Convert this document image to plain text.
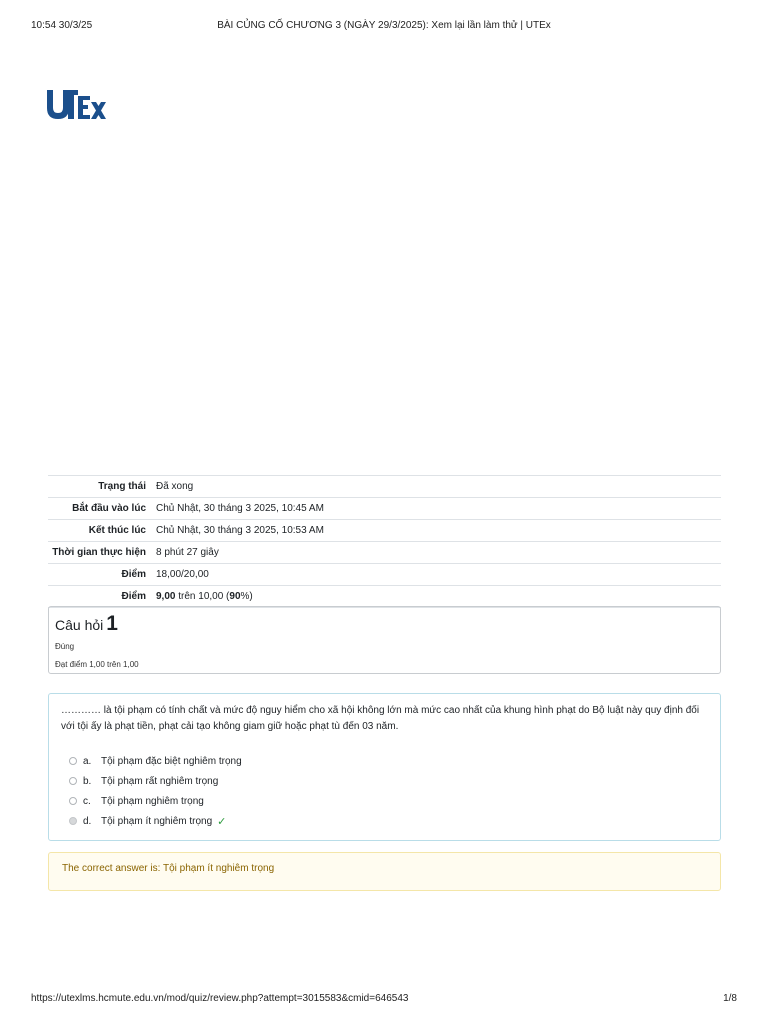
10:54 30/3/25	BÀI CỦNG CỐ CHƯƠNG 3 (NGÀY 29/3/2025): Xem lại lần làm thử | UTEx
Trạng thái	Đã xong
Bắt đầu vào lúc	Chủ Nhật, 30 tháng 3 2025, 10:45 AM
Kết thúc lúc	Chủ Nhật, 30 tháng 3 2025, 10:53 AM
Thời gian thực hiện	8 phút 27 giây
Điểm	18,00/20,00
Điểm	9,00 trên 10,00 (90%)
Câu hỏi 1
Đúng
Đạt điểm 1,00 trên 1,00
………… là tội phạm có tính chất và mức độ nguy hiểm cho xã hội không lớn mà mức cao nhất của khung hình phạt do Bộ luật này quy định đối với tội ấy là phạt tiền, phạt cải tạo không giam giữ hoặc phạt tù đến 03 năm.
a. Tội phạm đặc biệt nghiêm trọng
b. Tội phạm rất nghiêm trọng
c.	Tội phạm nghiêm trọng
d. Tội phạm ít nghiêm trọng ✓
The correct answer is: Tội phạm ít nghiêm trọng
https://utexlms.hcmute.edu.vn/mod/quiz/review.php?attempt=3015583&cmid=646543	1/8
